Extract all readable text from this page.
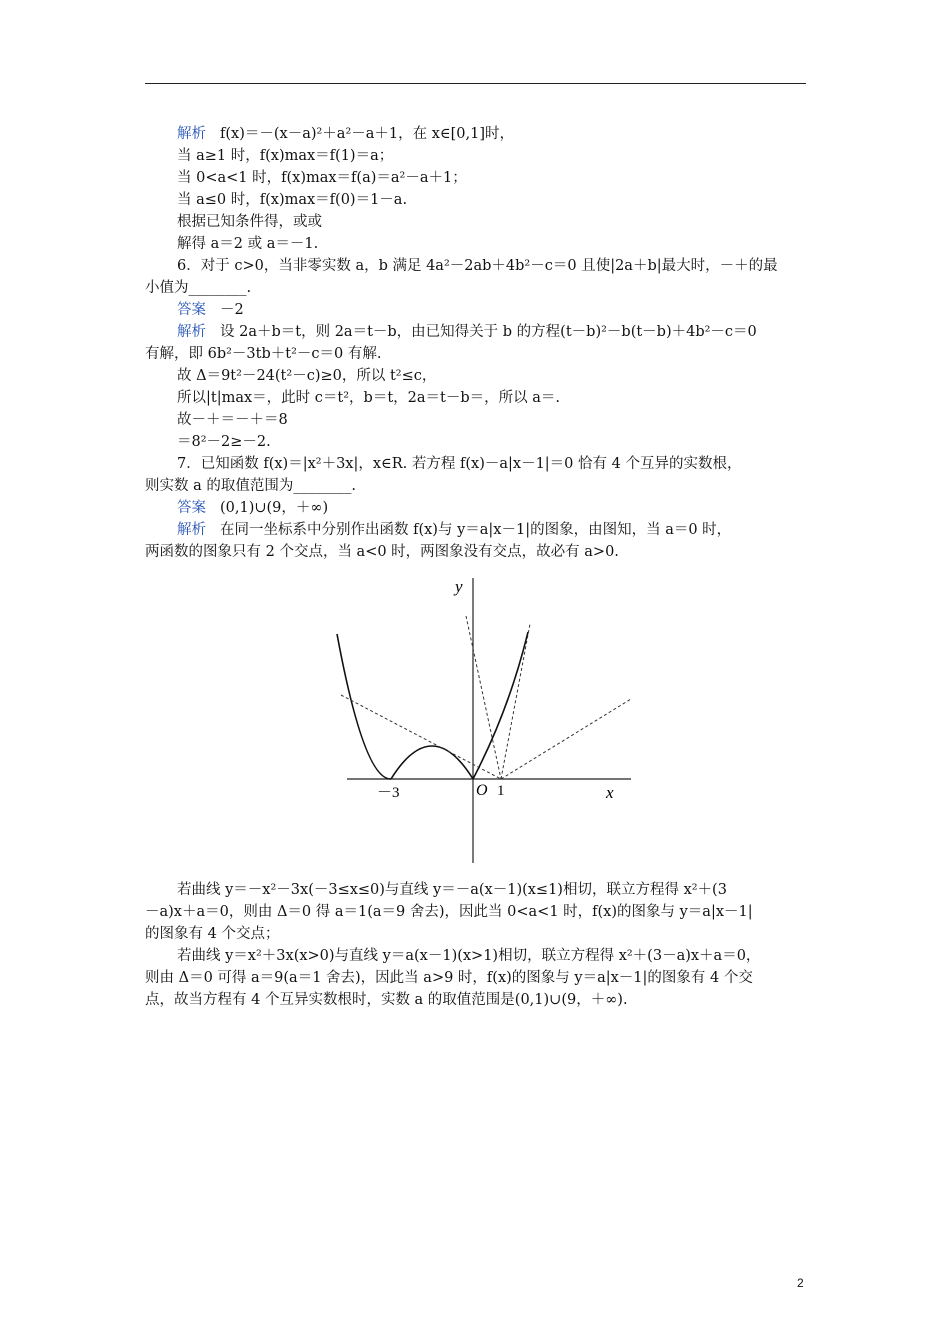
解析 f(x)＝－(x－a)²＋a²－a＋1，在 x∈[0,1]时，
当 a≥1 时，f(x)max＝f(1)＝a；
当 0<a<1 时，f(x)max＝f(a)＝a²－a＋1；
当 a≤0 时，f(x)max＝f(0)＝1－a.
根据已知条件得，或或
解得 a＝2 或 a＝－1.
6．对于 c>0，当非零实数 a，b 满足 4a²－2ab＋4b²－c＝0 且使|2a＋b|最大时，－＋的最
小值为________.
答案 －2
解析 设 2a＋b＝t，则 2a＝t－b，由已知得关于 b 的方程(t－b)²－b(t－b)＋4b²－c＝0
有解，即 6b²－3tb＋t²－c＝0 有解.
故 Δ＝9t²－24(t²－c)≥0，所以 t²≤c，
所以|t|max＝，此时 c＝t²，b＝t，2a＝t－b＝，所以 a＝.
故－＋＝－＋＝8
＝8²－2≥－2.
7．已知函数 f(x)＝|x²＋3x|，x∈R. 若方程 f(x)－a|x－1|＝0 恰有 4 个互异的实数根，
则实数 a 的取值范围为________.
答案 (0,1)∪(9，＋∞)
解析 在同一坐标系中分别作出函数 f(x)与 y＝a|x－1|的图象，由图知，当 a＝0 时，
两函数的图象只有 2 个交点，当 a<0 时，两图象没有交点，故必有 a>0.
y
x
O
－3	1
若曲线 y＝－x²－3x(－3≤x≤0)与直线 y＝－a(x－1)(x≤1)相切，联立方程得 x²＋(3
－a)x＋a＝0，则由 Δ＝0 得 a＝1(a＝9 舍去)，因此当 0<a<1 时，f(x)的图象与 y＝a|x－1|
的图象有 4 个交点；
若曲线 y＝x²＋3x(x>0)与直线 y＝a(x－1)(x>1)相切，联立方程得 x²＋(3－a)x＋a＝0，
则由 Δ＝0 可得 a＝9(a＝1 舍去)，因此当 a>9 时，f(x)的图象与 y＝a|x－1|的图象有 4 个交
点，故当方程有 4 个互异实数根时，实数 a 的取值范围是(0,1)∪(9，＋∞).
2
